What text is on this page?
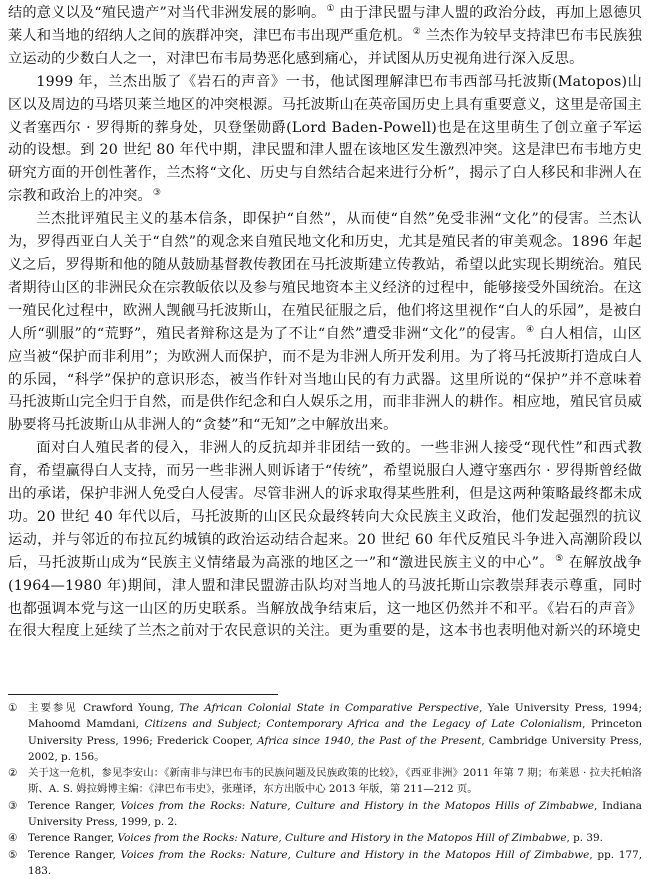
结的意义以及“殖民遗产”对当代非洲发展的影响。① 由于津民盟与津人盟的政治分歧，再加上恩德贝莱人和当地的绍纳人之间的族群冲突，津巴布韦出现严重危机。② 兰杰作为较早支持津巴布韦民族独立运动的少数白人之一，对津巴布韦局势恶化感到痛心，并试图从历史视角进行深入反思。

1999 年，兰杰出版了《岩石的声音》一书，他试图理解津巴布韦西部马托波斯(Matopos)山区以及周边的马塔贝莱兰地区的冲突根源。马托波斯山在英帝国历史上具有重要意义，这里是帝国主义者塞西尔 · 罗得斯的葬身处，贝登堡勋爵(Lord Baden-Powell)也是在这里萌生了创立童子军运动的设想。到 20 世纪 80 年代中期，津民盟和津人盟在该地区发生激烈冲突。这是津巴布韦地方史研究方面的开创性著作，兰杰将“文化、历史与自然结合起来进行分析”，揭示了白人移民和非洲人在宗教和政治上的冲突。③

兰杰批评殖民主义的基本信条，即保护“自然”，从而使“自然”免受非洲“文化”的侵害。兰杰认为，罗得西亚白人关于“自然”的观念来自殖民地文化和历史，尤其是殖民者的审美观念。1896 年起义之后，罗得斯和他的随从鼓励基督教传教团在马托波斯建立传教站，希望以此实现长期统治。殖民者期待山区的非洲民众在宗教皈依以及参与殖民地资本主义经济的过程中，能够接受外国统治。在这一殖民化过程中，欧洲人觊觎马托波斯山，在殖民征服之后，他们将这里视作“白人的乐园”，是被白人所“驯服”的“荒野”，殖民者辩称这是为了不让“自然”遭受非洲“文化”的侵害。④ 白人相信，山区应当被“保护而非利用”；为欧洲人而保护，而不是为非洲人所开发利用。为了将马托波斯打造成白人的乐园，“科学”保护的意识形态，被当作针对当地山民的有力武器。这里所说的“保护”并不意味着马托波斯山完全归于自然，而是供作纪念和白人娱乐之用，而非非洲人的耕作。相应地，殖民官员威胁要将马托波斯山从非洲人的“贪婪”和“无知”之中解放出来。

面对白人殖民者的侵入，非洲人的反抗却并非团结一致的。一些非洲人接受“现代性”和西式教育，希望赢得白人支持，而另一些非洲人则诉诸于“传统”，希望说服白人遵守塞西尔 · 罗得斯曾经做出的承诺，保护非洲人免受白人侵害。尽管非洲人的诉求取得某些胜利，但是这两种策略最终都未成功。20 世纪 40 年代以后，马托波斯的山区民众最终转向大众民族主义政治，他们发起强烈的抗议运动，并与邻近的布拉瓦约城镇的政治运动结合起来。20 世纪 60 年代反殖民斗争进入高潮阶段以后，马托波斯山成为“民族主义情绪最为高涨的地区之一”和“激进民族主义的中心”。⑤ 在解放战争(1964—1980 年)期间，津人盟和津民盟游击队均对当地人的马波托斯山宗教崇拜表示尊重，同时也都强调本党与这一山区的历史联系。当解放战争结束后，这一地区仍然并不和平。《岩石的声音》在很大程度上延续了兰杰之前对于农民意识的关注。更为重要的是，这本书也表明他对新兴的环境史

①	主要参见 Crawford Young, The African Colonial State in Comparative Perspective, Yale University Press, 1994; Mahoomd Mamdani, Citizens and Subject; Contemporary Africa and the Legacy of Late Colonialism, Princeton University Press, 1996; Frederick Cooper, Africa since 1940, the Past of the Present, Cambridge University Press, 2002, p. 156。
②	关于这一危机，参见李安山：《新南非与津巴布韦的民族问题及民族政策的比较》，《西亚非洲》2011 年第 7 期；布莱恩 · 拉夫托帕洛斯、A. S. 姆拉姆博主编：《津巴布韦史》，张瑾译，东方出版中心 2013 年版，第 211—212 页。
③	Terence Ranger, Voices from the Rocks: Nature, Culture and History in the Matopos Hills of Zimbabwe, Indiana University Press, 1999, p. 2.
④	Terence Ranger, Voices from the Rocks: Nature, Culture and History in the Matopos Hill of Zimbabwe, p. 39.
⑤	Terence Ranger, Voices from the Rocks: Nature, Culture and History in the Matopos Hill of Zimbabwe, pp. 177, 183.
